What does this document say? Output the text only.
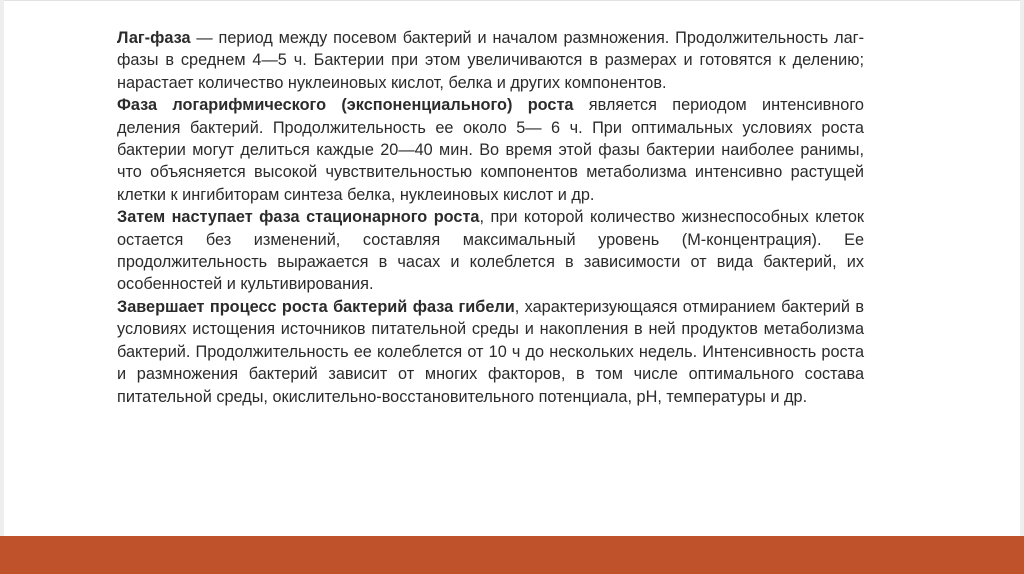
Лаг-фаза — период между посевом бактерий и началом размножения. Продолжительность лаг-фазы в среднем 4—5 ч. Бактерии при этом увеличиваются в размерах и готовятся к делению; нарастает количество нуклеиновых кислот, белка и других компонентов.

Фаза логарифмического (экспоненциального) роста является периодом интенсивного деления бактерий. Продолжительность ее около 5— 6 ч. При оптимальных условиях роста бактерии могут делиться каждые 20—40 мин. Во время этой фазы бактерии наиболее ранимы, что объясняется высокой чувствительностью компонентов метаболизма интенсивно растущей клетки к ингибиторам синтеза белка, нуклеиновых кислот и др.

Затем наступает фаза стационарного роста, при которой количество жизнеспособных клеток остается без изменений, составляя максимальный уровень (М-концентрация). Ее продолжительность выражается в часах и колеблется в зависимости от вида бактерий, их особенностей и культивирования.

Завершает процесс роста бактерий фаза гибели, характеризующаяся отмиранием бактерий в условиях истощения источников питательной среды и накопления в ней продуктов метаболизма бактерий. Продолжительность ее колеблется от 10 ч до нескольких недель. Интенсивность роста и размножения бактерий зависит от многих факторов, в том числе оптимального состава питательной среды, окислительно-восстановительного потенциала, рН, температуры и др.
